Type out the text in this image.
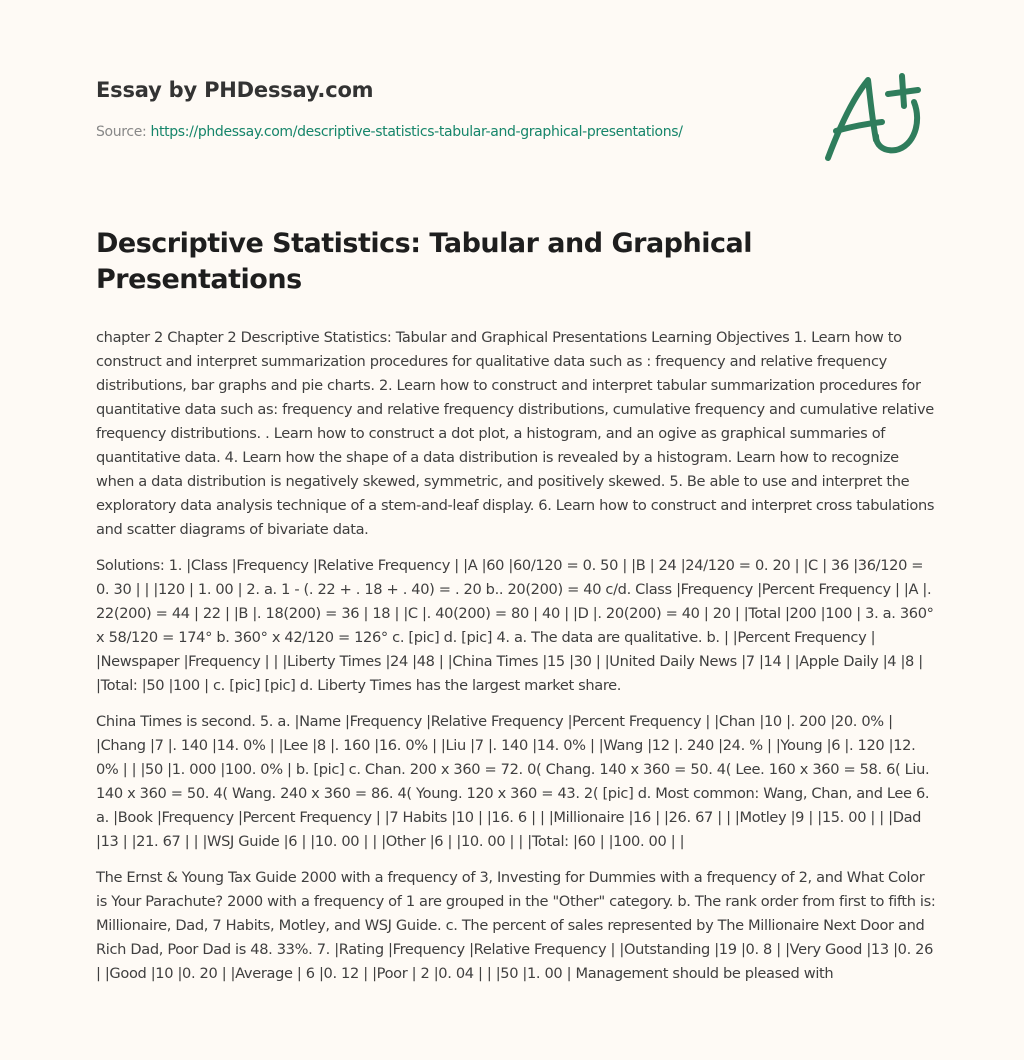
Essay by PHDessay.com
Source: https://phdessay.com/descriptive-statistics-tabular-and-graphical-presentations/
Descriptive Statistics: Tabular and Graphical Presentations

chapter 2 Chapter 2 Descriptive Statistics: Tabular and Graphical Presentations Learning Objectives 1. Learn how to construct and interpret summarization procedures for qualitative data such as : frequency and relative frequency distributions, bar graphs and pie charts. 2. Learn how to construct and interpret tabular summarization procedures for quantitative data such as: frequency and relative frequency distributions, cumulative frequency and cumulative relative frequency distributions. . Learn how to construct a dot plot, a histogram, and an ogive as graphical summaries of quantitative data. 4. Learn how the shape of a data distribution is revealed by a histogram. Learn how to recognize when a data distribution is negatively skewed, symmetric, and positively skewed. 5. Be able to use and interpret the exploratory data analysis technique of a stem-and-leaf display. 6. Learn how to construct and interpret cross tabulations and scatter diagrams of bivariate data.

Solutions: 1. |Class |Frequency |Relative Frequency | |A |60 |60/120 = 0. 50 | |B | 24 |24/120 = 0. 20 | |C | 36 |36/120 = 0. 30 | | |120 | 1. 00 | 2. a. 1 - (. 22 + . 18 + . 40) = . 20 b.. 20(200) = 40 c/d. Class |Frequency |Percent Frequency | |A |. 22(200) = 44 | 22 | |B |. 18(200) = 36 | 18 | |C |. 40(200) = 80 | 40 | |D |. 20(200) = 40 | 20 | |Total |200 |100 | 3. a. 360° x 58/120 = 174° b. 360° x 42/120 = 126° c. [pic] d. [pic] 4. a. The data are qualitative. b. | |Percent Frequency | |Newspaper |Frequency | | |Liberty Times |24 |48 | |China Times |15 |30 | |United Daily News |7 |14 | |Apple Daily |4 |8 | |Total: |50 |100 | c. [pic] [pic] d. Liberty Times has the largest market share.

China Times is second. 5. a. |Name |Frequency |Relative Frequency |Percent Frequency | |Chan |10 |. 200 |20. 0% | |Chang |7 |. 140 |14. 0% | |Lee |8 |. 160 |16. 0% | |Liu |7 |. 140 |14. 0% | |Wang |12 |. 240 |24. % | |Young |6 |. 120 |12. 0% | | |50 |1. 000 |100. 0% | b. [pic] c. Chan. 200 x 360 = 72. 0( Chang. 140 x 360 = 50. 4( Lee. 160 x 360 = 58. 6( Liu. 140 x 360 = 50. 4( Wang. 240 x 360 = 86. 4( Young. 120 x 360 = 43. 2( [pic] d. Most common: Wang, Chan, and Lee 6. a. |Book |Frequency |Percent Frequency | |7 Habits |10 | |16. 6 | | |Millionaire |16 | |26. 67 | | |Motley |9 | |15. 00 | | |Dad |13 | |21. 67 | | |WSJ Guide |6 | |10. 00 | | |Other |6 | |10. 00 | | |Total: |60 | |100. 00 | |

The Ernst & Young Tax Guide 2000 with a frequency of 3, Investing for Dummies with a frequency of 2, and What Color is Your Parachute? 2000 with a frequency of 1 are grouped in the "Other" category. b. The rank order from first to fifth is: Millionaire, Dad, 7 Habits, Motley, and WSJ Guide. c. The percent of sales represented by The Millionaire Next Door and Rich Dad, Poor Dad is 48. 33%. 7. |Rating |Frequency |Relative Frequency | |Outstanding |19 |0. 8 | |Very Good |13 |0. 26 | |Good |10 |0. 20 | |Average | 6 |0. 12 | |Poor | 2 |0. 04 | | |50 |1. 00 | Management should be pleased with
